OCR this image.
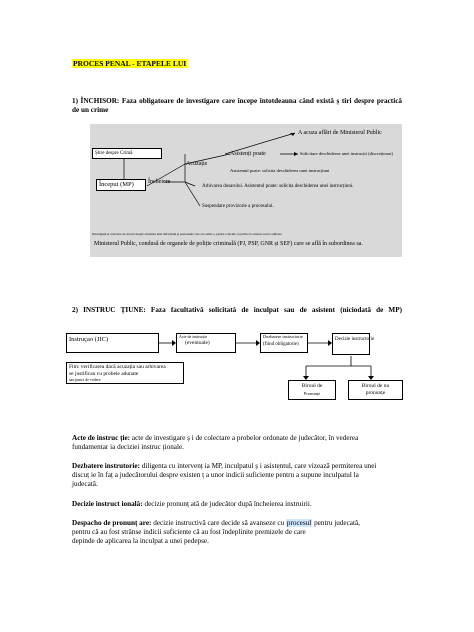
PROCES PENAL - ETAPELE LUI

1) ÎNCHISOR: Faza obligatoare de investigare care începe întotdeauna când există ș tiri despre practică

de un crime

Știre despre Crimă
Început (MP)	Încheiere
Acuzație
Asistenți poate
A acuza aflări de Ministerul Public
Solicitare deschiderea unei instrucții (discreționar)
Asistentul poate: solicita deschiderea unei instrucțiuni
Arhivarea dosarului. Asistentul poate: solicita deschiderea unei instrucțiuni.
Suspendare provizorie a procesului.
Investigații și colectare de dovezi despre existența unei infracțiuni și persoanele care au comis-o, pentru a decide cu privire la acuzare sau la arhivare
Ministerul Public, condusă de organele de poliție criminală (PJ, PSP, GNR și SEF) care se află în subordinea sa.

2) INSTRUC ȚIUNE: Faza facultativă solicitată de inculpat sau de asistent (niciodată de MP)

Instruçao (JIC)	Acte de instrucție
(eventuale)
Dezbatere instructorie
(fiind obligatorie)
Decizie instructorie
Biroul de
Pronunțe
Biroul de nu
pronunțe
Fim: verificarea dacă acuzația sau arhivarea
se justificau cu probele adunate
sau punct de vedere

Acte de instruc ție: acte de investigare ș i de colectare a probelor ordonate de judecător, în vederea
fundamentar ia deciziei instruc ționale.

Dezbatere instrutorie: diligenta cu intervenț ia MP, inculpatul ș i asistentul, care vizează permiterea unei
discuț ie în faț a judecătorului despre existen ț a unor indicii suficiente pentru a supune inculpatul la
judecată.

Decizie instruct ională: decizie pronunț ată de judecător după încheierea instruirii.

Despacho de pronunț are: decizie instructivă care decide să avanseze cu procesul pentru judecată,
pentru că au fost strânse indicii suficiente că au fost îndeplinite premizele de care
depinde de aplicarea la inculpat a unei pedepse.
